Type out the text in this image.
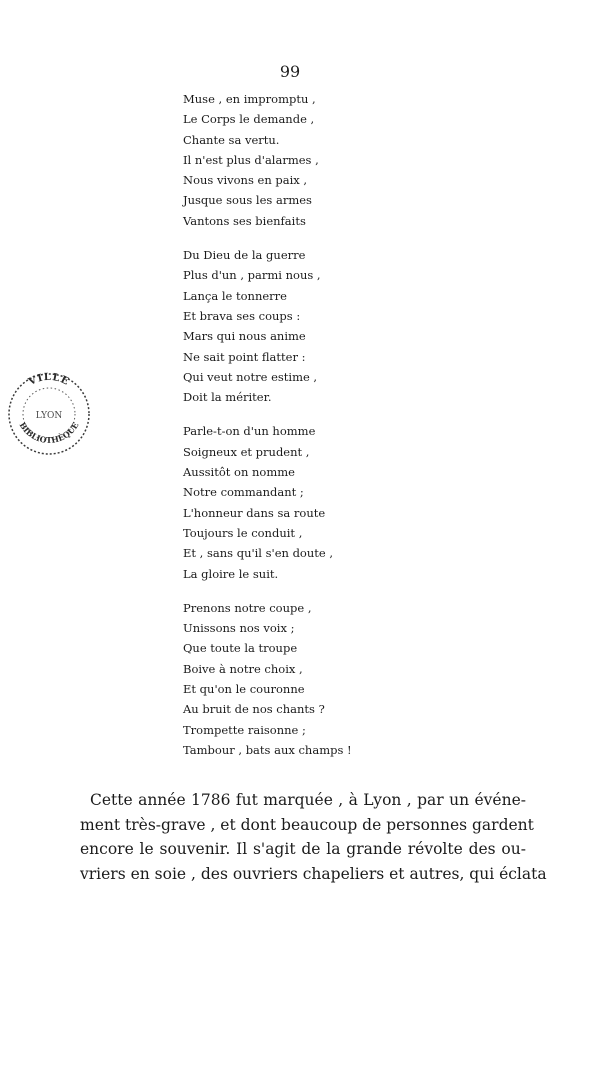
99
VILLE
BIBLIOTHÈQUE
LYON
Muse , en impromptu ,
Le Corps le demande ,
Chante sa vertu.
Il n'est plus d'alarmes ,
Nous vivons en paix ,
Jusque sous les armes
Vantons ses bienfaits
Du Dieu de la guerre
Plus d'un , parmi nous ,
Lança le tonnerre
Et brava ses coups :
Mars qui nous anime
Ne sait point flatter :
Qui veut notre estime ,
Doit la mériter.
Parle-t-on d'un homme
Soigneux et prudent ,
Aussitôt on nomme
Notre commandant ;
L'honneur dans sa route
Toujours le conduit ,
Et , sans qu'il s'en doute ,
La gloire le suit.
Prenons notre coupe ,
Unissons nos voix ;
Que toute la troupe
Boive à notre choix ,
Et qu'on le couronne
Au bruit de nos chants ?
Trompette raisonne ;
Tambour , bats aux champs !
Cette année 1786 fut marquée , à Lyon , par un événe-
ment très-grave , et dont beaucoup de personnes gardent
encore le souvenir. Il s'agit de la grande révolte des ou-
vriers en soie , des ouvriers chapeliers et autres, qui éclata
